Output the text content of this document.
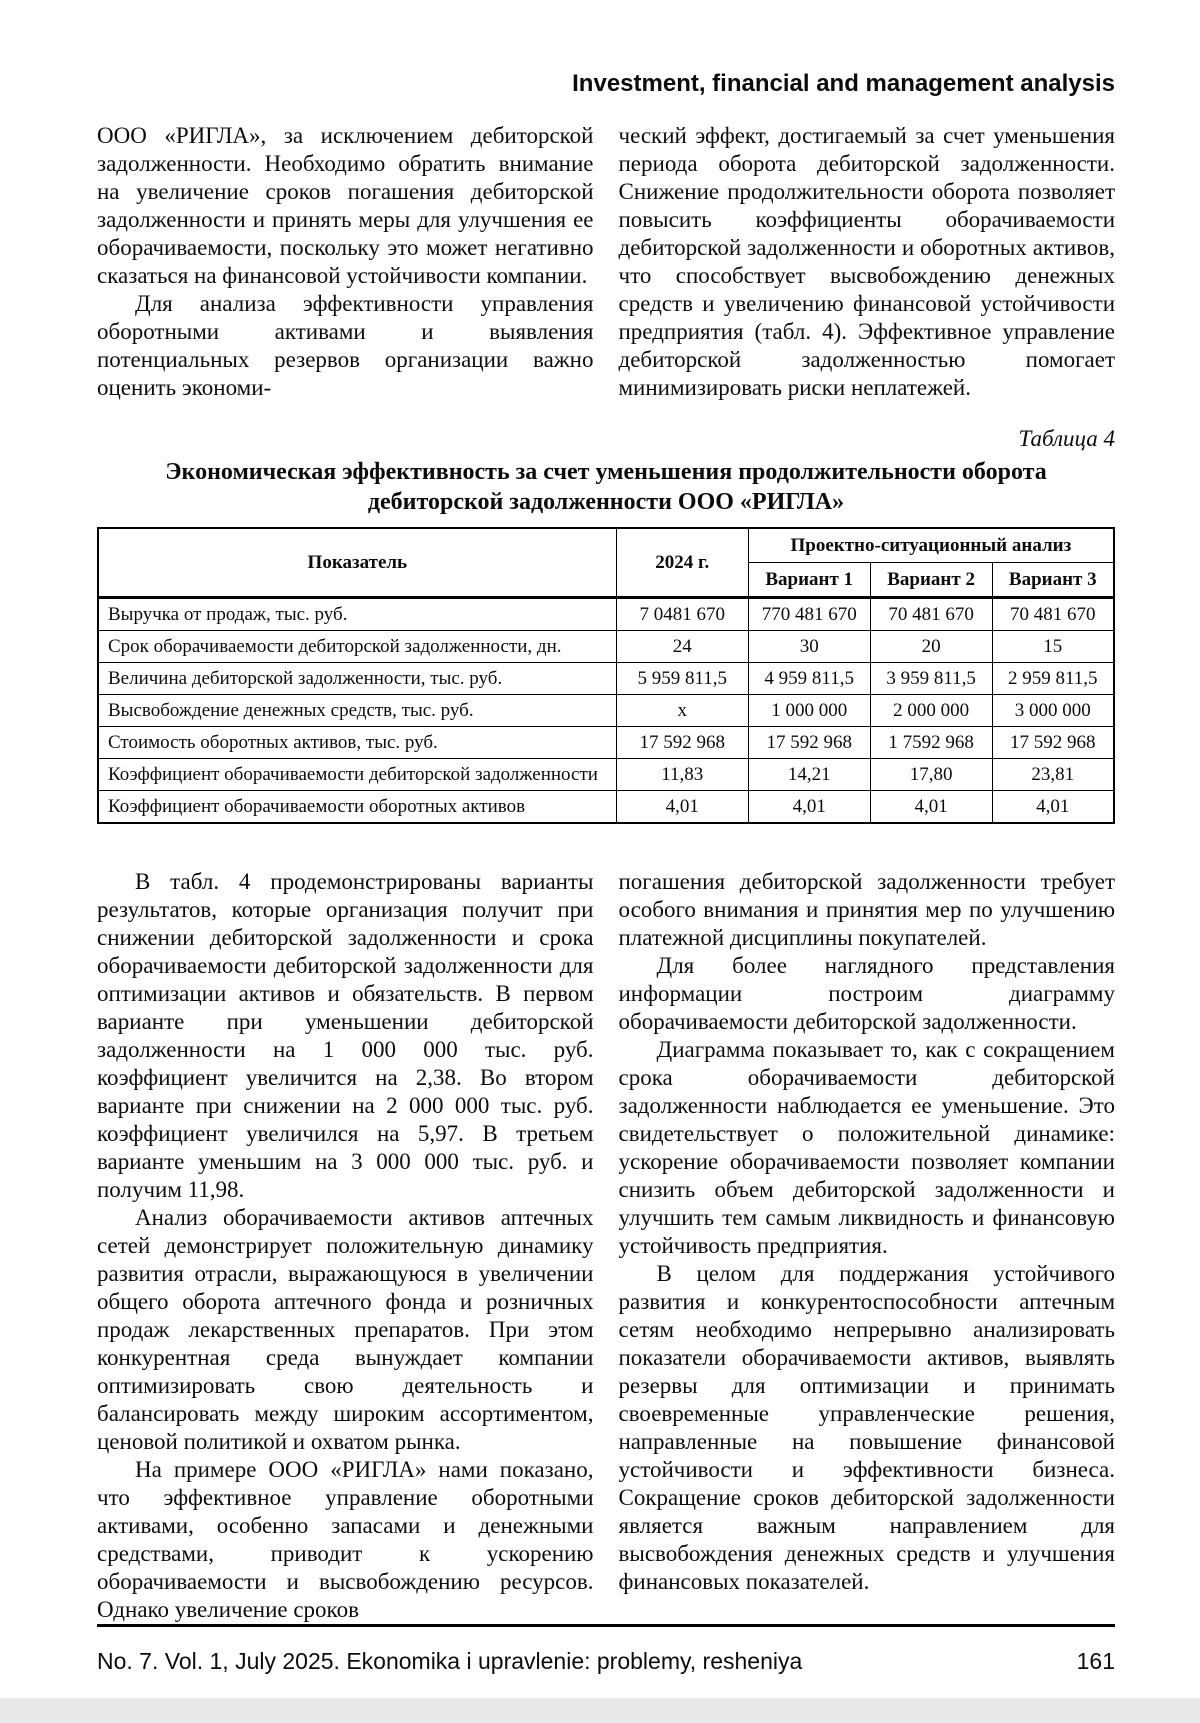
Investment, financial and management analysis

ООО «РИГЛА», за исключением дебиторской задолженности. Необходимо обратить внимание на увеличение сроков погашения дебиторской задолженности и принять меры для улучшения ее оборачиваемости, поскольку это может негативно сказаться на финансовой устойчивости компании.

Для анализа эффективности управления оборотными активами и выявления потенциальных резервов организации важно оценить экономи-

ческий эффект, достигаемый за счет уменьшения периода оборота дебиторской задолженности. Снижение продолжительности оборота позволяет повысить коэффициенты оборачиваемости дебиторской задолженности и оборотных активов, что способствует высвобождению денежных средств и увеличению финансовой устойчивости предприятия (табл. 4). Эффективное управление дебиторской задолженностью помогает минимизировать риски неплатежей.

Таблица 4
Экономическая эффективность за счет уменьшения продолжительности оборота
дебиторской задолженности ООО «РИГЛА»
Показатель	2024 г.	Проектно-ситуационный анализ		
		Вариант 1	Вариант 2	Вариант 3
Выручка от продаж, тыс. руб.	7 0481 670	770 481 670	70 481 670	70 481 670
Срок оборачиваемости дебиторской задолженности, дн.	24	30	20	15
Величина дебиторской задолженности, тыс. руб.	5 959 811,5	4 959 811,5	3 959 811,5	2 959 811,5
Высвобождение денежных средств, тыс. руб.	х	1 000 000	2 000 000	3 000 000
Стоимость оборотных активов, тыс. руб.	17 592 968	17 592 968	1 7592 968	17 592 968
Коэффициент оборачиваемости дебиторской задолженности	11,83	14,21	17,80	23,81
Коэффициент оборачиваемости оборотных активов	4,01	4,01	4,01	4,01

В табл. 4 продемонстрированы варианты результатов, которые организация получит при снижении дебиторской задолженности и срока оборачиваемости дебиторской задолженности для оптимизации активов и обязательств. В первом варианте при уменьшении дебиторской задолженности на 1 000 000 тыс. руб. коэффициент увеличится на 2,38. Во втором варианте при снижении на 2 000 000 тыс. руб. коэффициент увеличился на 5,97. В третьем варианте уменьшим на 3 000 000 тыс. руб. и получим 11,98.

Анализ оборачиваемости активов аптечных сетей демонстрирует положительную динамику развития отрасли, выражающуюся в увеличении общего оборота аптечного фонда и розничных продаж лекарственных препаратов. При этом конкурентная среда вынуждает компании оптимизировать свою деятельность и балансировать между широким ассортиментом, ценовой политикой и охватом рынка.

На примере ООО «РИГЛА» нами показано, что эффективное управление оборотными активами, особенно запасами и денежными средствами, приводит к ускорению оборачиваемости и высвобождению ресурсов. Однако увеличение сроков

погашения дебиторской задолженности требует особого внимания и принятия мер по улучшению платежной дисциплины покупателей.

Для более наглядного представления информации построим диаграмму оборачиваемости дебиторской задолженности.

Диаграмма показывает то, как с сокращением срока оборачиваемости дебиторской задолженности наблюдается ее уменьшение. Это свидетельствует о положительной динамике: ускорение оборачиваемости позволяет компании снизить объем дебиторской задолженности и улучшить тем самым ликвидность и финансовую устойчивость предприятия.

В целом для поддержания устойчивого развития и конкурентоспособности аптечным сетям необходимо непрерывно анализировать показатели оборачиваемости активов, выявлять резервы для оптимизации и принимать своевременные управленческие решения, направленные на повышение финансовой устойчивости и эффективности бизнеса. Сокращение сроков дебиторской задолженности является важным направлением для высвобождения денежных средств и улучшения финансовых показателей.

No. 7. Vol. 1, July 2025. Ekonomika i upravlenie: problemy, resheniya	161
